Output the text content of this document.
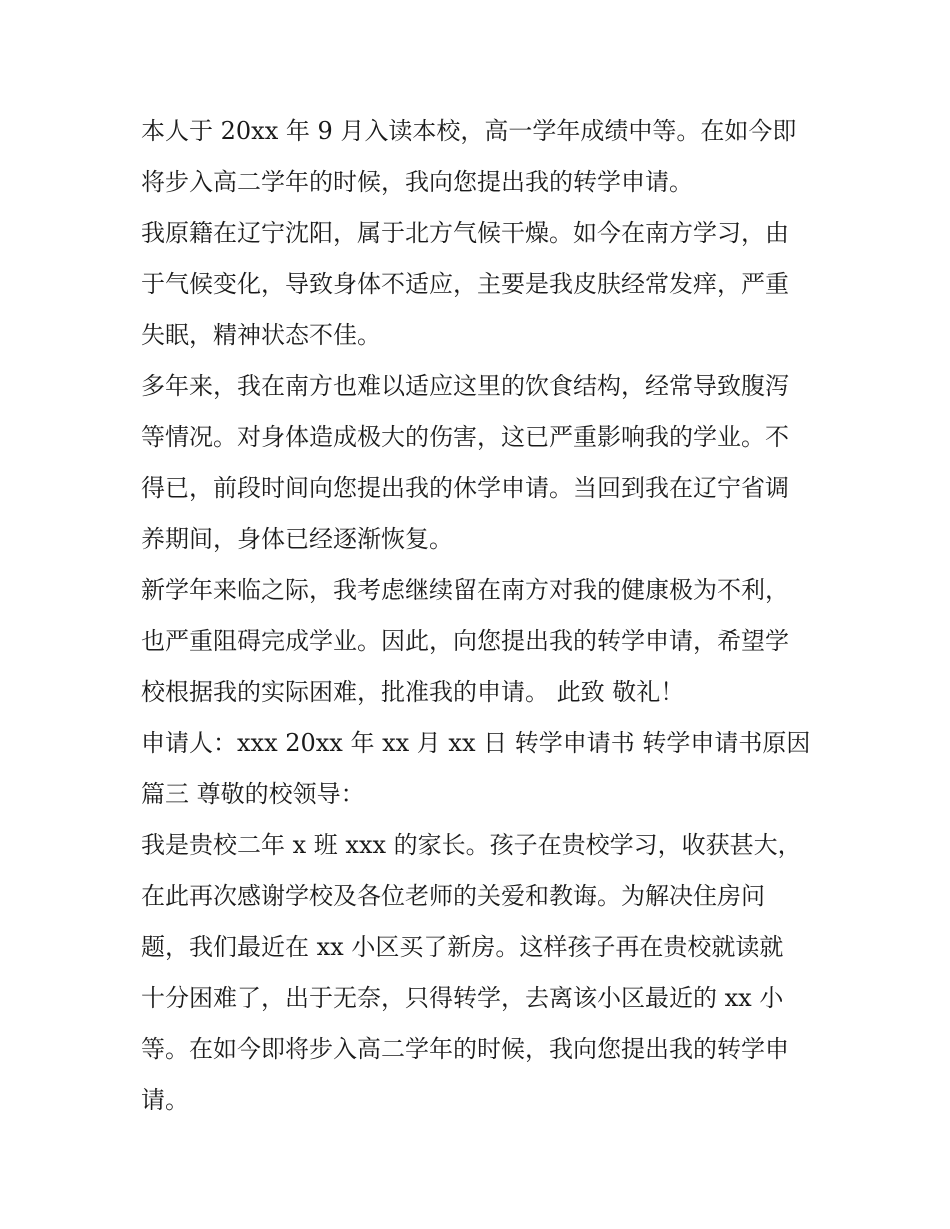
本人于 20xx 年 9 月入读本校，高一学年成绩中等。在如今即
将步入高二学年的时候，我向您提出我的转学申请。
我原籍在辽宁沈阳，属于北方气候干燥。如今在南方学习，由
于气候变化，导致身体不适应，主要是我皮肤经常发痒，严重
失眠，精神状态不佳。
多年来，我在南方也难以适应这里的饮食结构，经常导致腹泻
等情况。对身体造成极大的伤害，这已严重影响我的学业。不
得已，前段时间向您提出我的休学申请。当回到我在辽宁省调
养期间，身体已经逐渐恢复。
新学年来临之际，我考虑继续留在南方对我的健康极为不利，
也严重阻碍完成学业。因此，向您提出我的转学申请，希望学
校根据我的实际困难，批准我的申请。 此致 敬礼！
申请人：xxx 20xx 年 xx 月 xx 日 转学申请书 转学申请书原因
篇三 尊敬的校领导：
我是贵校二年 x 班 xxx 的家长。孩子在贵校学习，收获甚大，
在此再次感谢学校及各位老师的关爱和教诲。为解决住房问
题，我们最近在 xx 小区买了新房。这样孩子再在贵校就读就
十分困难了，出于无奈，只得转学，去离该小区最近的 xx 小
等。在如今即将步入高二学年的时候，我向您提出我的转学申
请。
